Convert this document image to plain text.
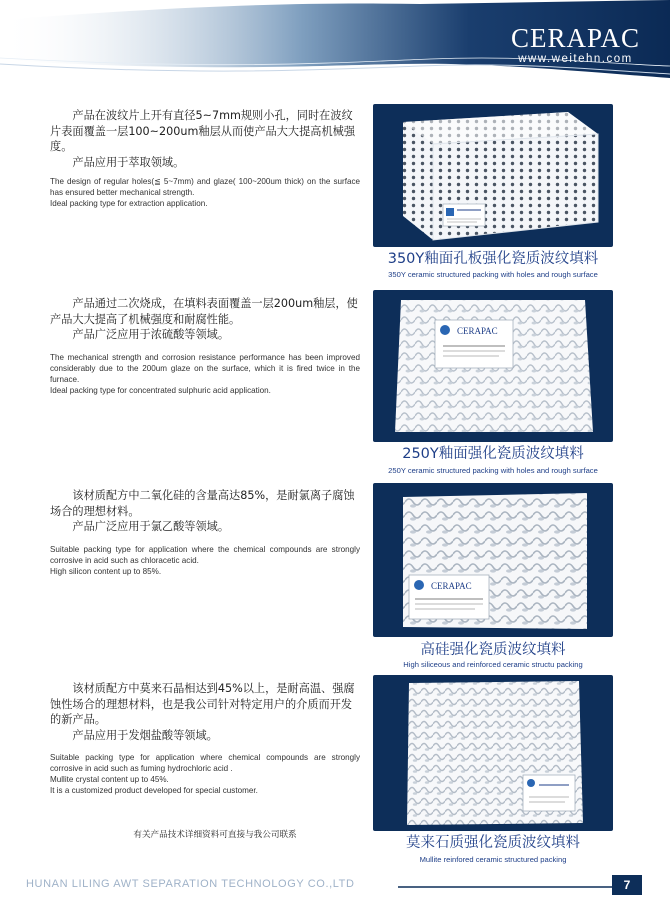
CERAPAC
www.weitehn.com

产品在波纹片上开有直径5~7mm规则小孔，同时在波纹片表面覆盖一层100~200um釉层从而使产品大大提高机械强度。

产品应用于萃取领域。

The design of regular holes(≦ 5~7mm) and glaze( 100~200um thick) on the surface has ensured better mechanical strength.

Ideal packing type for extraction application.

350Y釉面孔板强化瓷质波纹填料
350Y ceramic structured packing with holes and rough surface

产品通过二次烧成，在填料表面覆盖一层200um釉层，使产品大大提高了机械强度和耐腐性能。

产品广泛应用于浓硫酸等领域。

The mechanical strength and corrosion resistance performance has been improved considerably due to the 200um glaze on the surface, which it is fired twice in the furnace.

Ideal packing type for concentrated sulphuric acid application.

CERAPAC
250Y釉面强化瓷质波纹填料
250Y ceramic structured packing with holes and rough surface

该材质配方中二氧化硅的含量高达85%，是耐氯离子腐蚀场合的理想材料。

产品广泛应用于氯乙酸等领域。

Suitable packing type for application where the chemical compounds are strongly corrosive in acid such as chloracetic acid.

High silicon content up to 85%.

CERAPAC
高硅强化瓷质波纹填料
High siliceous and reinforced ceramic structu packing

该材质配方中莫来石晶相达到45%以上，是耐高温、强腐蚀性场合的理想材料，也是我公司针对特定用户的介质而开发的新产品。

产品应用于发烟盐酸等领域。

Suitable packing type for application where chemical compounds are strongly corrosive in acid such as fuming hydrochloric acid .

Mullite crystal content up to 45%.

It is a customized product developed for special customer.

莫来石质强化瓷质波纹填料
Mullite reinfored ceramic structured packing
有关产品技术详细资料可直接与我公司联系
HUNAN LILING AWT SEPARATION TECHNOLOGY CO.,LTD	7
